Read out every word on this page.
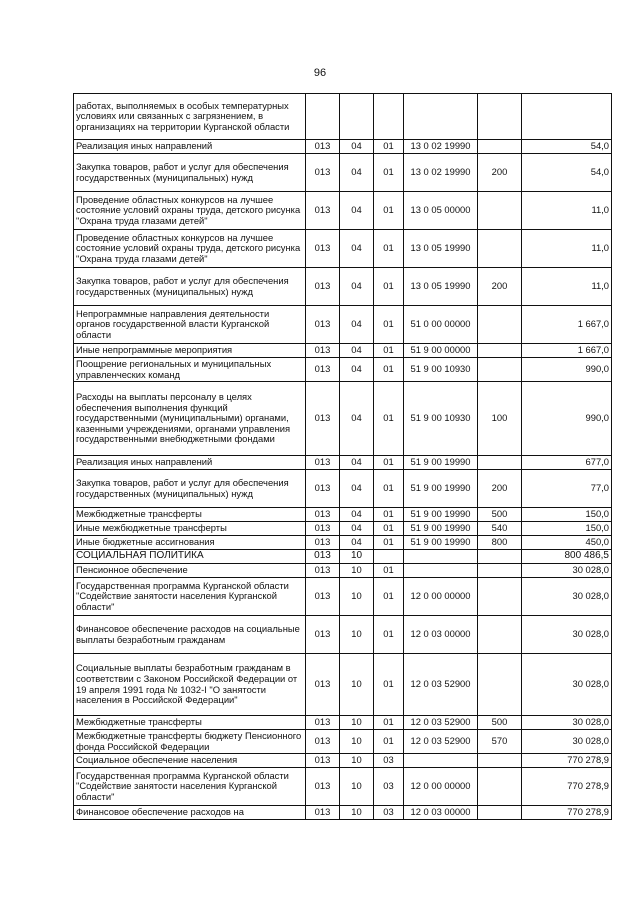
96
работах, выполняемых в особых температурных условиях или связанных с загрязнением, в организациях на территории Курганской области						
Реализация иных направлений	013	04	01	13 0 02 19990		54,0
Закупка товаров, работ и услуг для обеспечения государственных (муниципальных) нужд	013	04	01	13 0 02 19990	200	54,0
Проведение областных конкурсов на лучшее состояние условий охраны труда, детского рисунка "Охрана труда глазами детей"	013	04	01	13 0 05 00000		11,0
Проведение областных конкурсов на лучшее состояние условий охраны труда, детского рисунка "Охрана труда глазами детей"	013	04	01	13 0 05 19990		11,0
Закупка товаров, работ и услуг для обеспечения государственных (муниципальных) нужд	013	04	01	13 0 05 19990	200	11,0
Непрограммные направления деятельности органов государственной власти Курганской области	013	04	01	51 0 00 00000		1 667,0
Иные непрограммные мероприятия	013	04	01	51 9 00 00000		1 667,0
Поощрение региональных и муниципальных управленческих команд	013	04	01	51 9 00 10930		990,0
Расходы на выплаты персоналу в целях обеспечения выполнения функций государственными (муниципальными) органами, казенными учреждениями, органами управления государственными внебюджетными фондами	013	04	01	51 9 00 10930	100	990,0
Реализация иных направлений	013	04	01	51 9 00 19990		677,0
Закупка товаров, работ и услуг для обеспечения государственных (муниципальных) нужд	013	04	01	51 9 00 19990	200	77,0
Межбюджетные трансферты	013	04	01	51 9 00 19990	500	150,0
Иные межбюджетные трансферты	013	04	01	51 9 00 19990	540	150,0
Иные бюджетные ассигнования	013	04	01	51 9 00 19990	800	450,0
СОЦИАЛЬНАЯ ПОЛИТИКА	013	10				800 486,5
Пенсионное обеспечение	013	10	01			30 028,0
Государственная программа Курганской области "Содействие занятости населения Курганской области"	013	10	01	12 0 00 00000		30 028,0
Финансовое обеспечение расходов на социальные выплаты безработным гражданам	013	10	01	12 0 03 00000		30 028,0
Социальные выплаты безработным гражданам в соответствии с Законом Российской Федерации от 19 апреля 1991 года № 1032-I "О занятости населения в Российской Федерации"	013	10	01	12 0 03 52900		30 028,0
Межбюджетные трансферты	013	10	01	12 0 03 52900	500	30 028,0
Межбюджетные трансферты бюджету Пенсионного фонда Российской Федерации	013	10	01	12 0 03 52900	570	30 028,0
Социальное обеспечение населения	013	10	03			770 278,9
Государственная программа Курганской области "Содействие занятости населения Курганской области"	013	10	03	12 0 00 00000		770 278,9
Финансовое обеспечение расходов на	013	10	03	12 0 03 00000		770 278,9
